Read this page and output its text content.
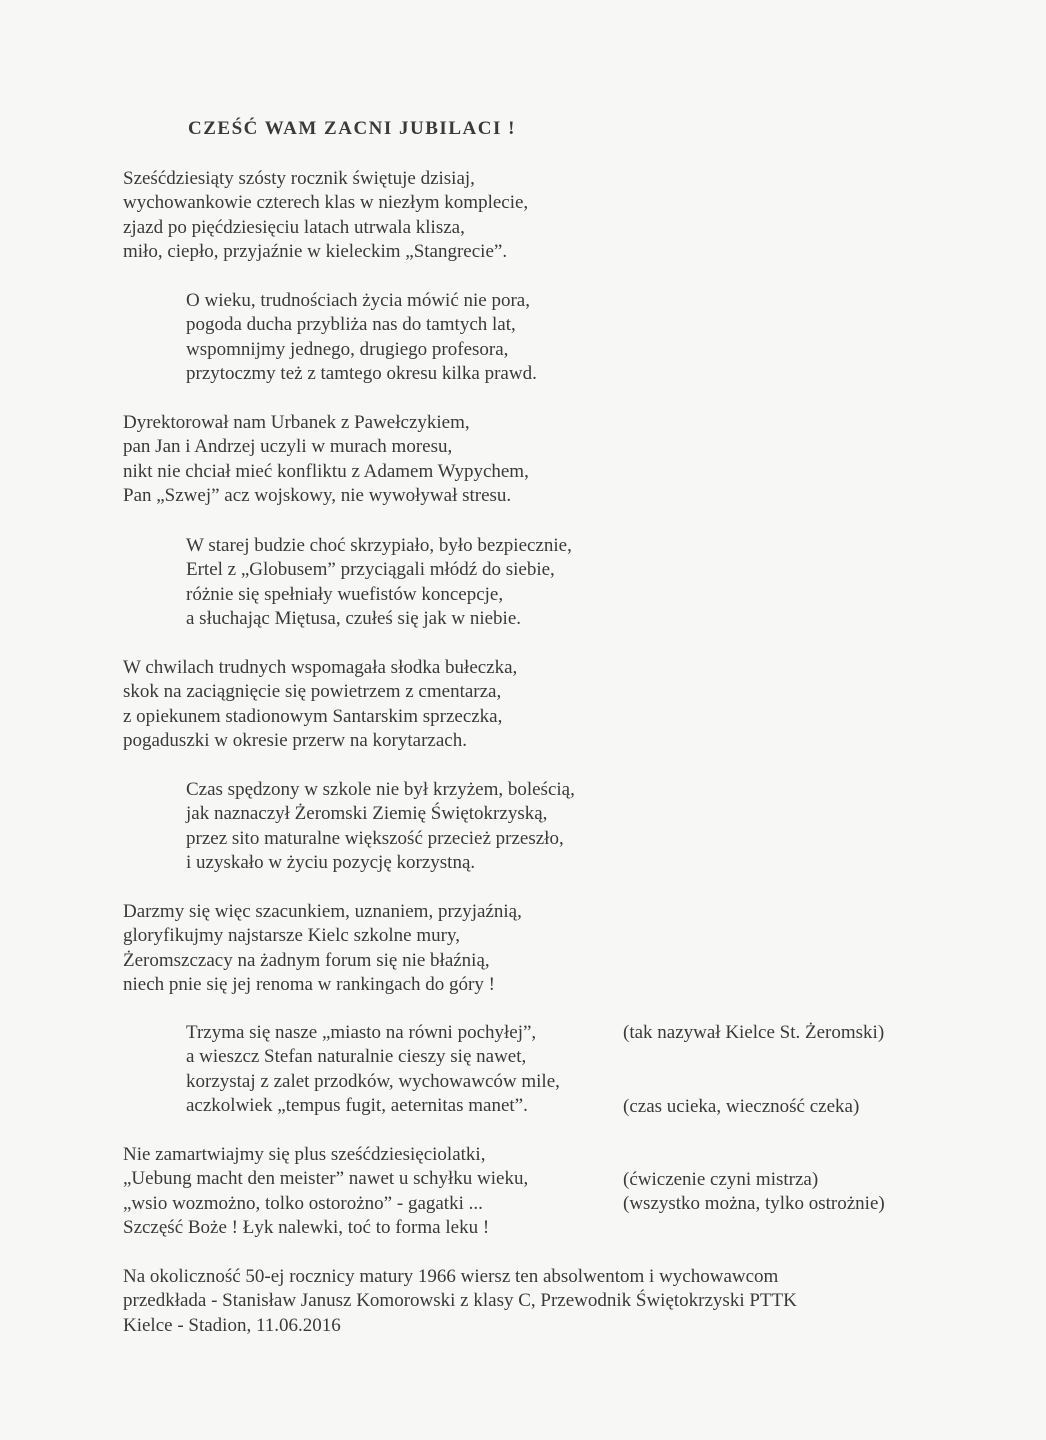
CZEŚĆ WAM ZACNI JUBILACI !
Sześćdziesiąty szósty rocznik świętuje dzisiaj,
wychowankowie czterech klas w niezłym komplecie,
zjazd po pięćdziesięciu latach utrwala klisza,
miło, ciepło, przyjaźnie w kieleckim „Stangrecie”.
O wieku, trudnościach życia mówić nie pora,
pogoda ducha przybliża nas do tamtych lat,
wspomnijmy jednego, drugiego profesora,
przytoczmy też z tamtego okresu kilka prawd.
Dyrektorował nam Urbanek z Pawełczykiem,
pan Jan i Andrzej uczyli w murach moresu,
nikt nie chciał mieć konfliktu z Adamem Wypychem,
Pan „Szwej” acz wojskowy, nie wywoływał stresu.
W starej budzie choć skrzypiało, było bezpiecznie,
Ertel z „Globusem” przyciągali młódź do siebie,
różnie się spełniały wuefistów koncepcje,
a słuchając Miętusa, czułeś się jak w niebie.
W chwilach trudnych wspomagała słodka bułeczka,
skok na zaciągnięcie się powietrzem z cmentarza,
z opiekunem stadionowym Santarskim sprzeczka,
pogaduszki w okresie przerw na korytarzach.
Czas spędzony w szkole nie był krzyżem, boleścią,
jak naznaczył Żeromski Ziemię Świętokrzyską,
przez sito maturalne większość przecież przeszło,
i uzyskało w życiu pozycję korzystną.
Darzmy się więc szacunkiem, uznaniem, przyjaźnią,
gloryfikujmy najstarsze Kielc szkolne mury,
Żeromszczacy na żadnym forum się nie błaźnią,
niech pnie się jej renoma w rankingach do góry !
Trzyma się nasze „miasto na równi pochyłej”,
a wieszcz Stefan naturalnie cieszy się nawet,
korzystaj z zalet przodków, wychowawców mile,
aczkolwiek „tempus fugit, aeternitas manet”.
Nie zamartwiajmy się plus sześćdziesięciolatki,
„Uebung macht den meister” nawet u schyłku wieku,
„wsio wozmożno, tolko ostorożno” - gagatki ...
Szczęść Boże ! Łyk nalewki, toć to forma leku !
(tak nazywał Kielce St. Żeromski)
(czas ucieka, wieczność czeka)
(ćwiczenie czyni mistrza)
(wszystko można, tylko ostrożnie)
Na okoliczność 50-ej rocznicy matury 1966 wiersz ten absolwentom i wychowawcom
przedkłada - Stanisław Janusz Komorowski z klasy C, Przewodnik Świętokrzyski PTTK
Kielce - Stadion, 11.06.2016
